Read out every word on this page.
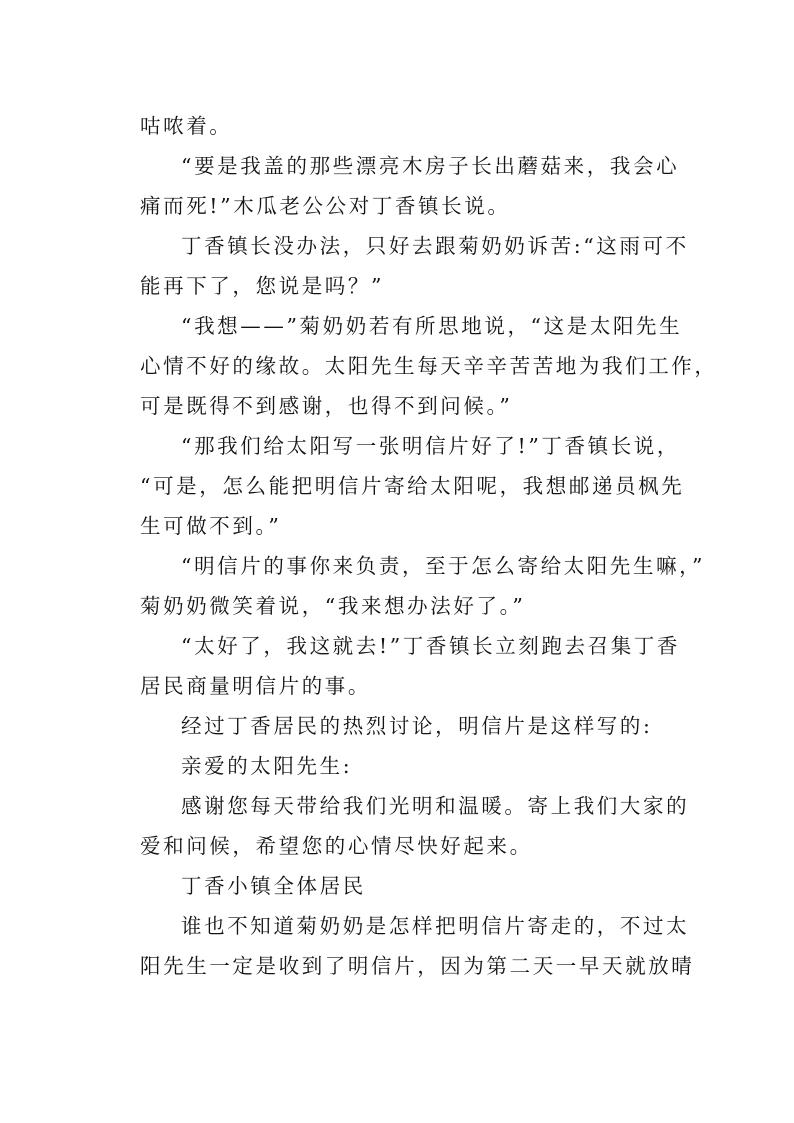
咕哝着。
“要是我盖的那些漂亮木房子长出蘑菇来，我会心
痛而死!”木瓜老公公对丁香镇长说。
丁香镇长没办法，只好去跟菊奶奶诉苦:“这雨可不
能再下了，您说是吗？”
“我想——”菊奶奶若有所思地说，“这是太阳先生
心情不好的缘故。太阳先生每天辛辛苦苦地为我们工作，
可是既得不到感谢，也得不到问候。”
“那我们给太阳写一张明信片好了!”丁香镇长说，
“可是，怎么能把明信片寄给太阳呢，我想邮递员枫先
生可做不到。”
“明信片的事你来负责，至于怎么寄给太阳先生嘛，”
菊奶奶微笑着说，“我来想办法好了。”
“太好了，我这就去!”丁香镇长立刻跑去召集丁香
居民商量明信片的事。
经过丁香居民的热烈讨论，明信片是这样写的:
亲爱的太阳先生:
感谢您每天带给我们光明和温暖。寄上我们大家的
爱和问候，希望您的心情尽快好起来。
丁香小镇全体居民
谁也不知道菊奶奶是怎样把明信片寄走的，不过太
阳先生一定是收到了明信片，因为第二天一早天就放晴
